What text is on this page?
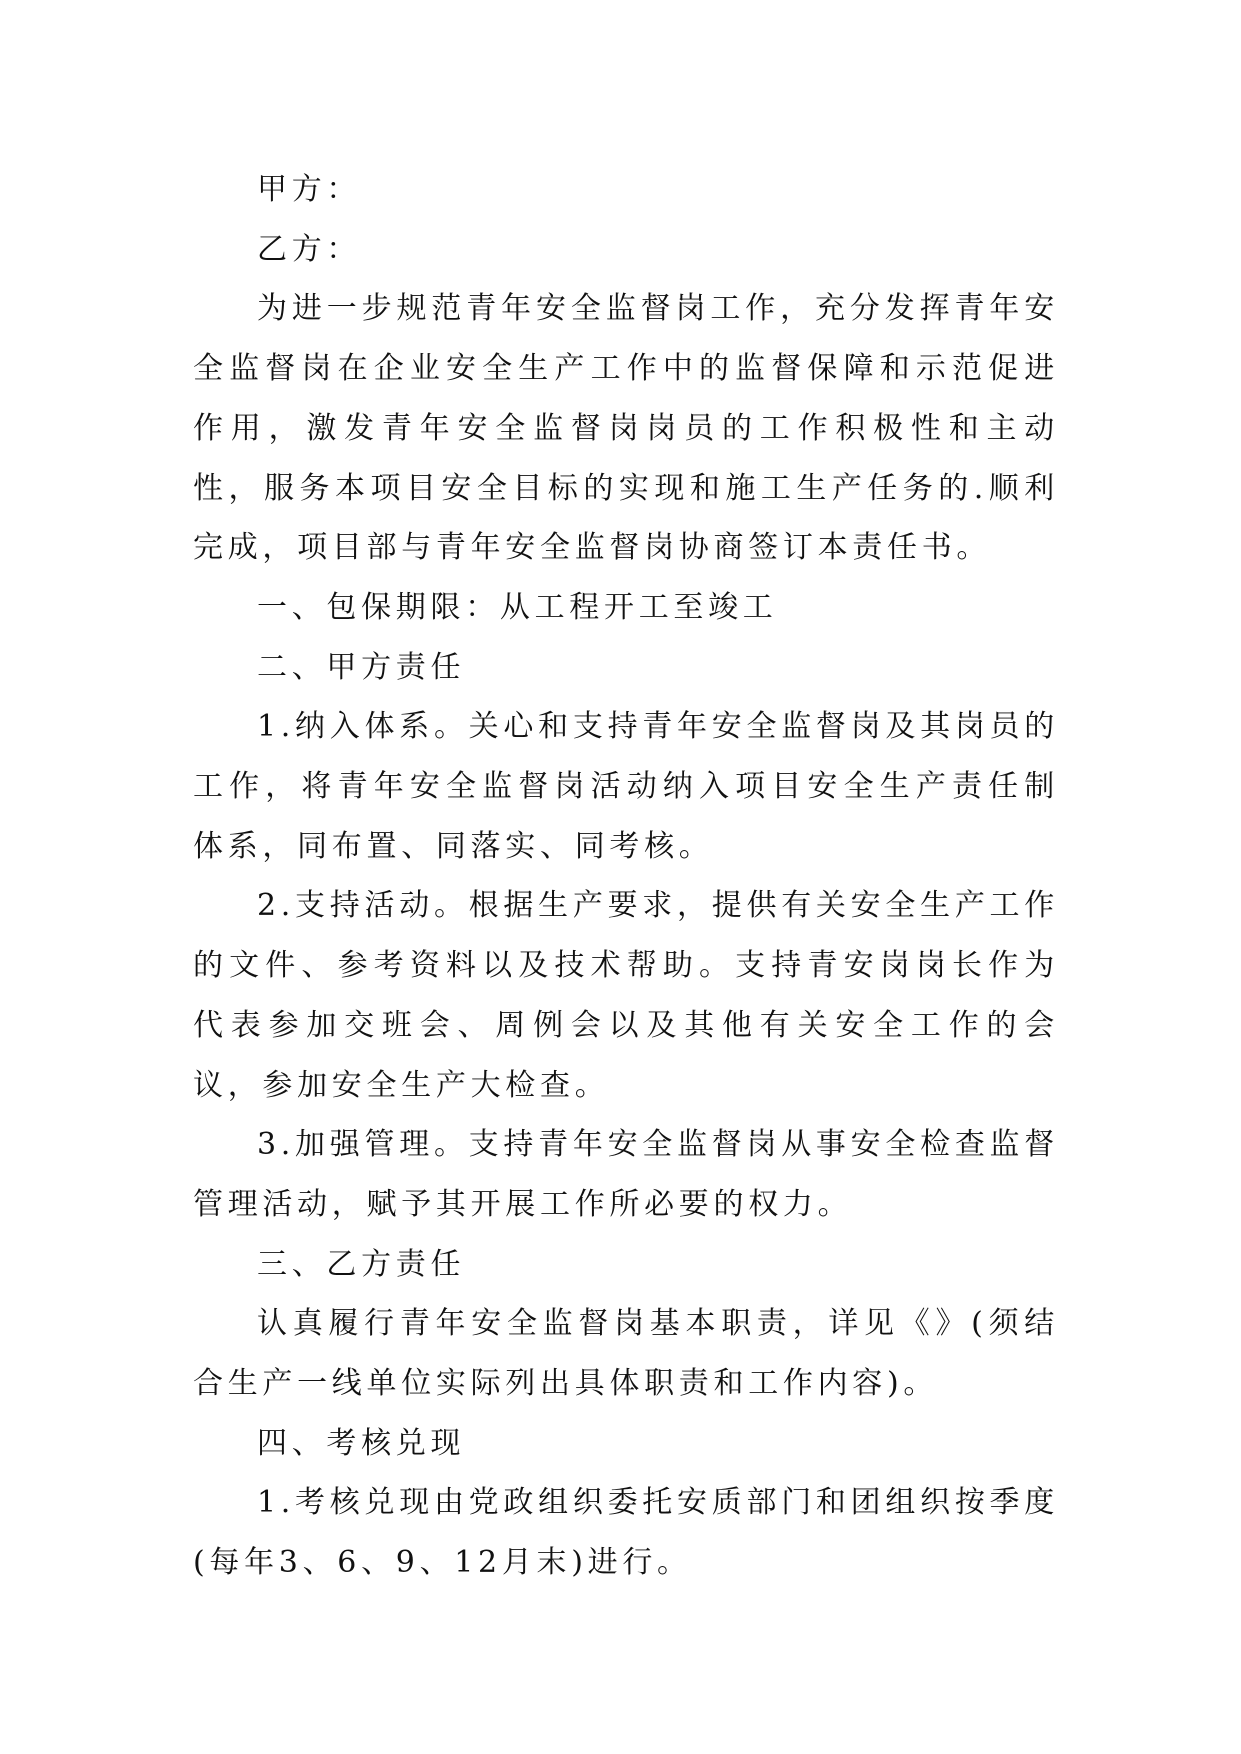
甲方：

乙方：

为进一步规范青年安全监督岗工作，充分发挥青年安全监督岗在企业安全生产工作中的监督保障和示范促进作用，激发青年安全监督岗岗员的工作积极性和主动性，服务本项目安全目标的实现和施工生产任务的.顺利完成，项目部与青年安全监督岗协商签订本责任书。

一、包保期限：从工程开工至竣工

二、甲方责任

1.纳入体系。关心和支持青年安全监督岗及其岗员的工作，将青年安全监督岗活动纳入项目安全生产责任制体系，同布置、同落实、同考核。

2.支持活动。根据生产要求，提供有关安全生产工作的文件、参考资料以及技术帮助。支持青安岗岗长作为代表参加交班会、周例会以及其他有关安全工作的会议，参加安全生产大检查。

3.加强管理。支持青年安全监督岗从事安全检查监督管理活动，赋予其开展工作所必要的权力。

三、乙方责任

认真履行青年安全监督岗基本职责，详见《》(须结合生产一线单位实际列出具体职责和工作内容)。

四、考核兑现

1.考核兑现由党政组织委托安质部门和团组织按季度(每年3、6、9、12月末)进行。
